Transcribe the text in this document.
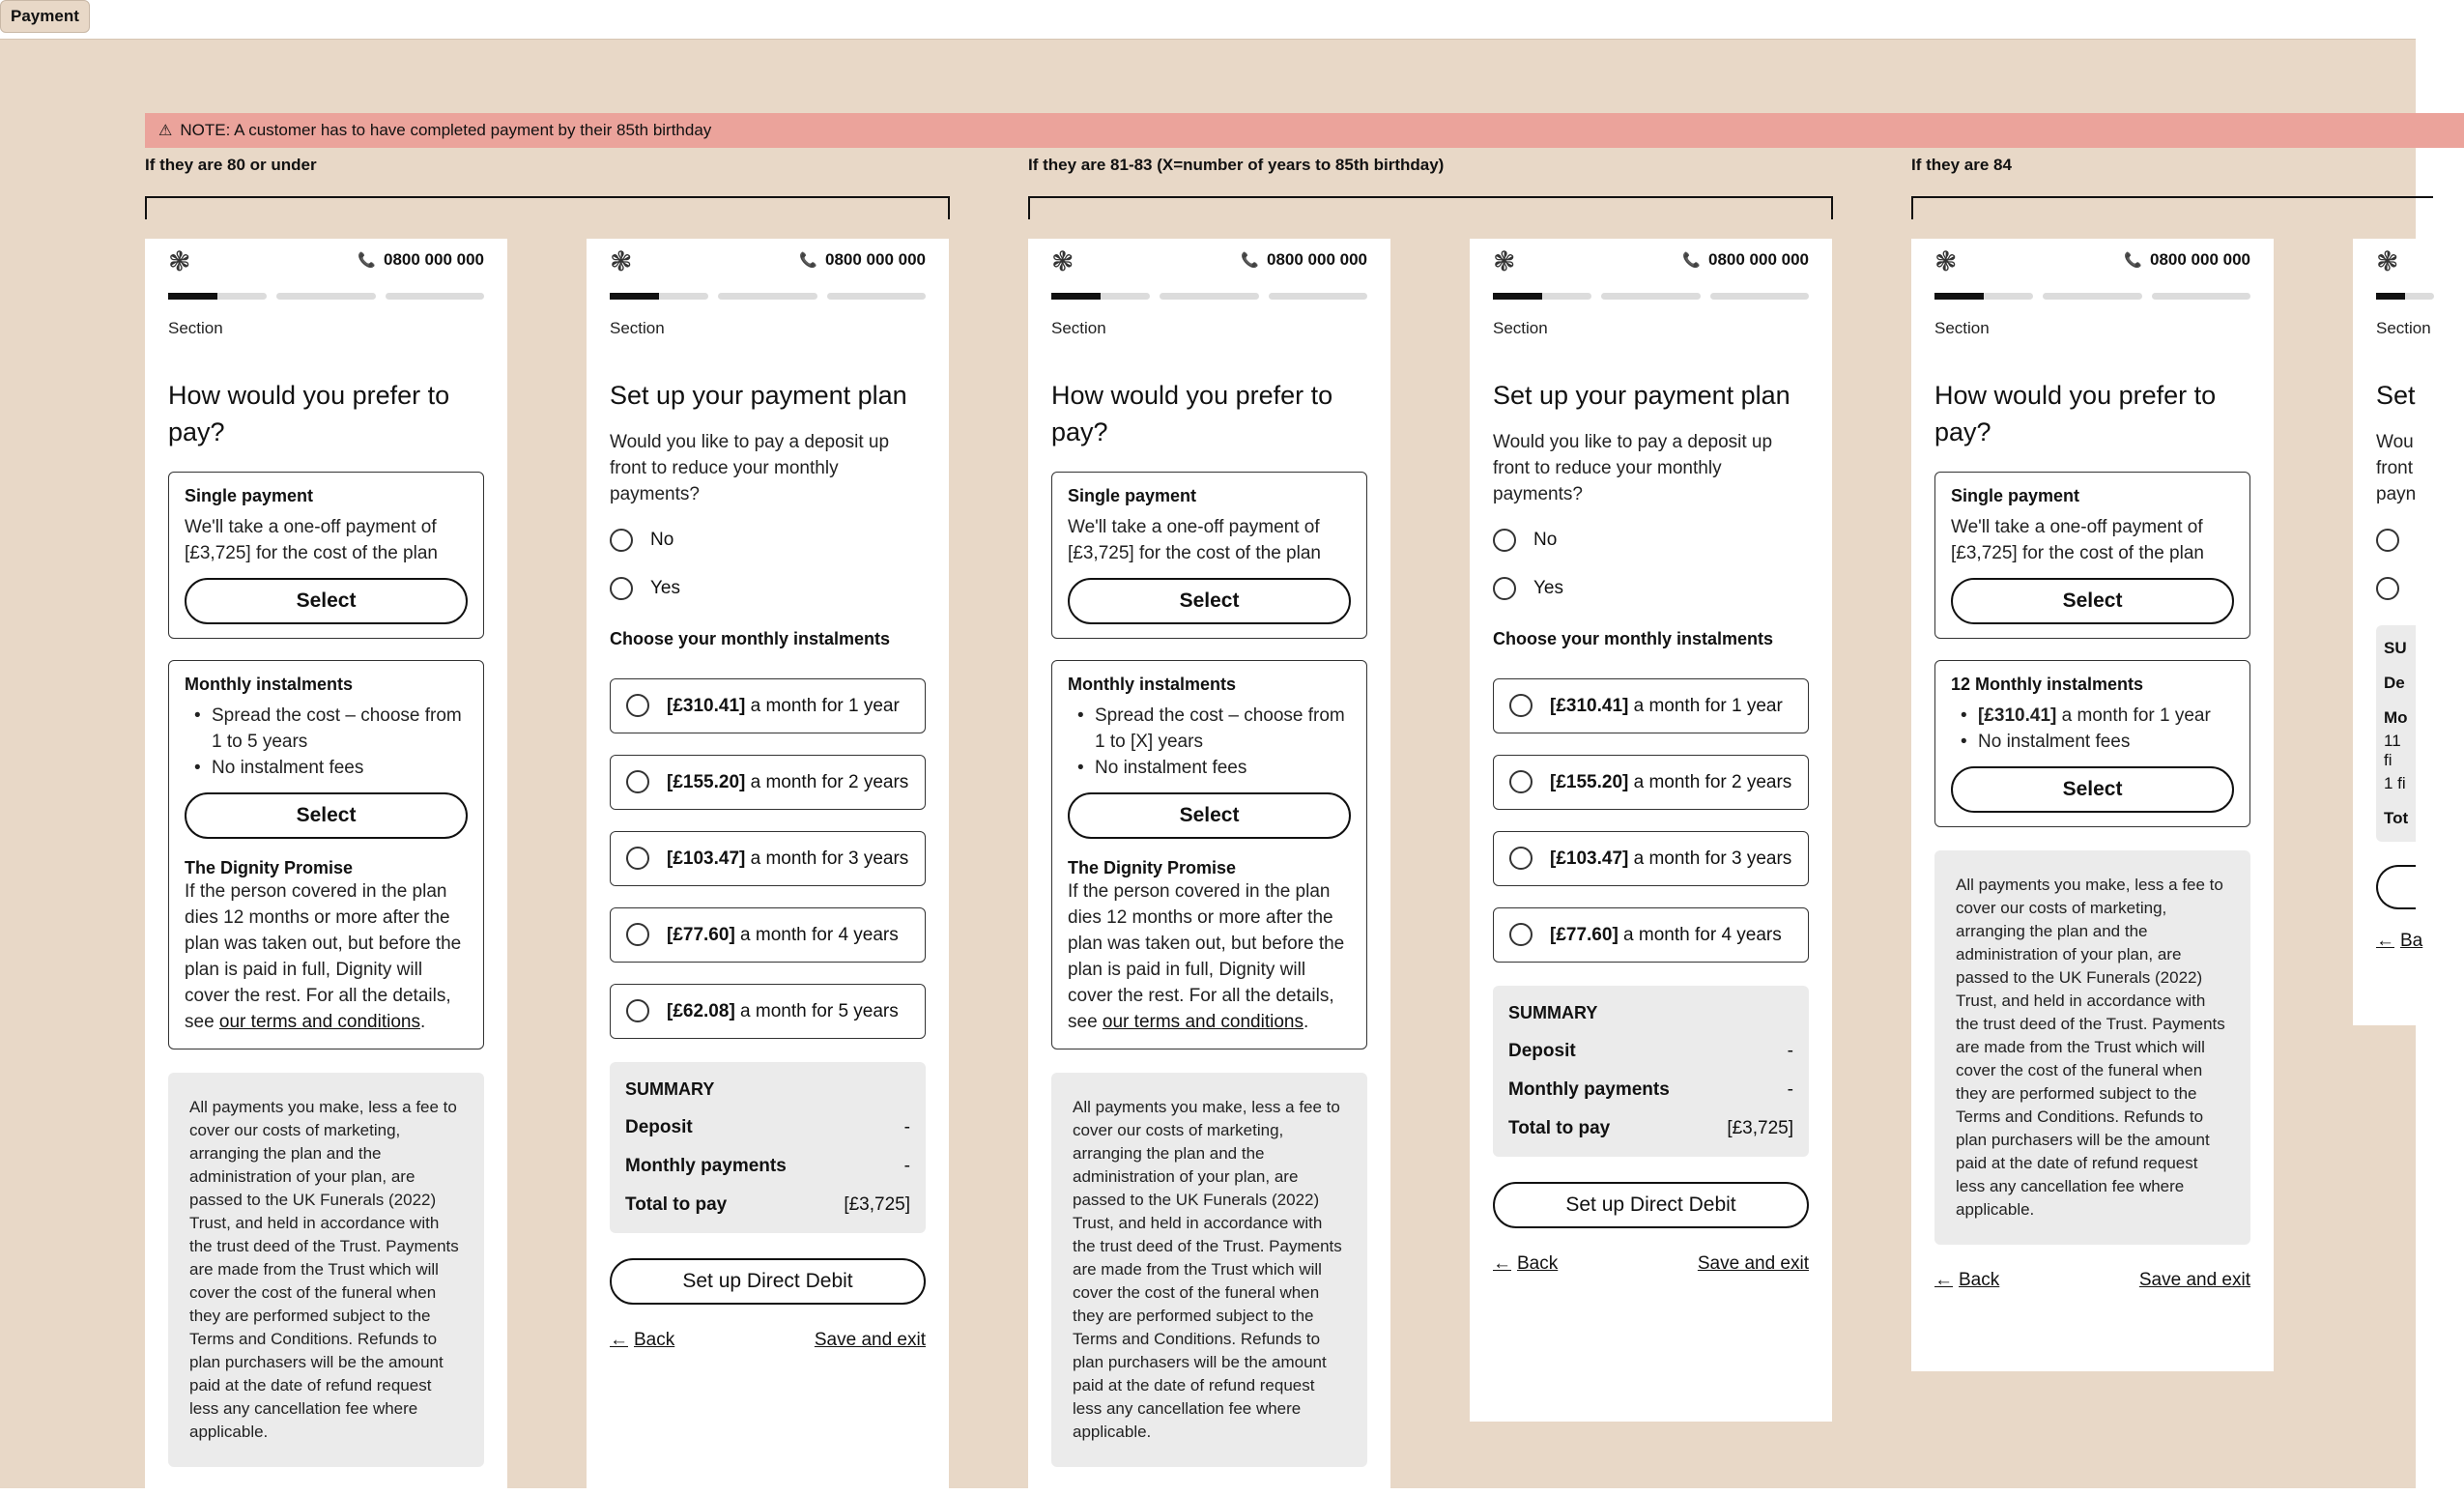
Payment
⚠ NOTE: A customer has to have completed payment by their 85th birthday
If they are 80 or under	If they are 81-83 (X=number of years to 85th birthday)	If they are 84
❃	📞 0800 000 000
Section
How would you prefer to pay?
Single payment
We'll take a one-off payment of [£3,725] for the cost of the plan
Select
Monthly instalments
• Spread the cost – choose from 1 to 5 years
• No instalment fees
Select
The Dignity Promise
If the person covered in the plan dies 12 months or more after the plan was taken out, but before the plan is paid in full, Dignity will cover the rest. For all the details, see our terms and conditions.
All payments you make, less a fee to cover our costs of marketing, arranging the plan and the administration of your plan, are passed to the UK Funerals (2022) Trust, and held in accordance with the trust deed of the Trust. Payments are made from the Trust which will cover the cost of the funeral when they are performed subject to the Terms and Conditions. Refunds to plan purchasers will be the amount paid at the date of refund request less any cancellation fee where applicable.
❃	📞 0800 000 000
Section
Set up your payment plan
Would you like to pay a deposit up front to reduce your monthly payments?
No
Yes
Choose your monthly instalments
[£310.41] a month for 1 year
[£155.20] a month for 2 years
[£103.47] a month for 3 years
[£77.60] a month for 4 years
[£62.08] a month for 5 years
SUMMARY
Deposit	-
Monthly payments	-
Total to pay	[£3,725]
Set up Direct Debit
← Back	Save and exit
❃	📞 0800 000 000
Section
How would you prefer to pay?
Single payment
We'll take a one-off payment of [£3,725] for the cost of the plan
Select
Monthly instalments
• Spread the cost – choose from 1 to [X] years
• No instalment fees
Select
The Dignity Promise
If the person covered in the plan dies 12 months or more after the plan was taken out, but before the plan is paid in full, Dignity will cover the rest. For all the details, see our terms and conditions.
All payments you make, less a fee to cover our costs of marketing, arranging the plan and the administration of your plan, are passed to the UK Funerals (2022) Trust, and held in accordance with the trust deed of the Trust. Payments are made from the Trust which will cover the cost of the funeral when they are performed subject to the Terms and Conditions. Refunds to plan purchasers will be the amount paid at the date of refund request less any cancellation fee where applicable.
❃	📞 0800 000 000
Section
Set up your payment plan
Would you like to pay a deposit up front to reduce your monthly payments?
No
Yes
Choose your monthly instalments
[£310.41] a month for 1 year
[£155.20] a month for 2 years
[£103.47] a month for 3 years
[£77.60] a month for 4 years
SUMMARY
Deposit	-
Monthly payments	-
Total to pay	[£3,725]
Set up Direct Debit
← Back	Save and exit
❃	📞 0800 000 000
Section
How would you prefer to pay?
Single payment
We'll take a one-off payment of [£3,725] for the cost of the plan
Select
12 Monthly instalments
• [£310.41] a month for 1 year
• No instalment fees
Select
All payments you make, less a fee to cover our costs of marketing, arranging the plan and the administration of your plan, are passed to the UK Funerals (2022) Trust, and held in accordance with the trust deed of the Trust. Payments are made from the Trust which will cover the cost of the funeral when they are performed subject to the Terms and Conditions. Refunds to plan purchasers will be the amount paid at the date of refund request less any cancellation fee where applicable.
← Back	Save and exit
❃
Section
Set
Wou front payn
SU
De
Mo
11 fi
1 fi
Tot
← Ba
